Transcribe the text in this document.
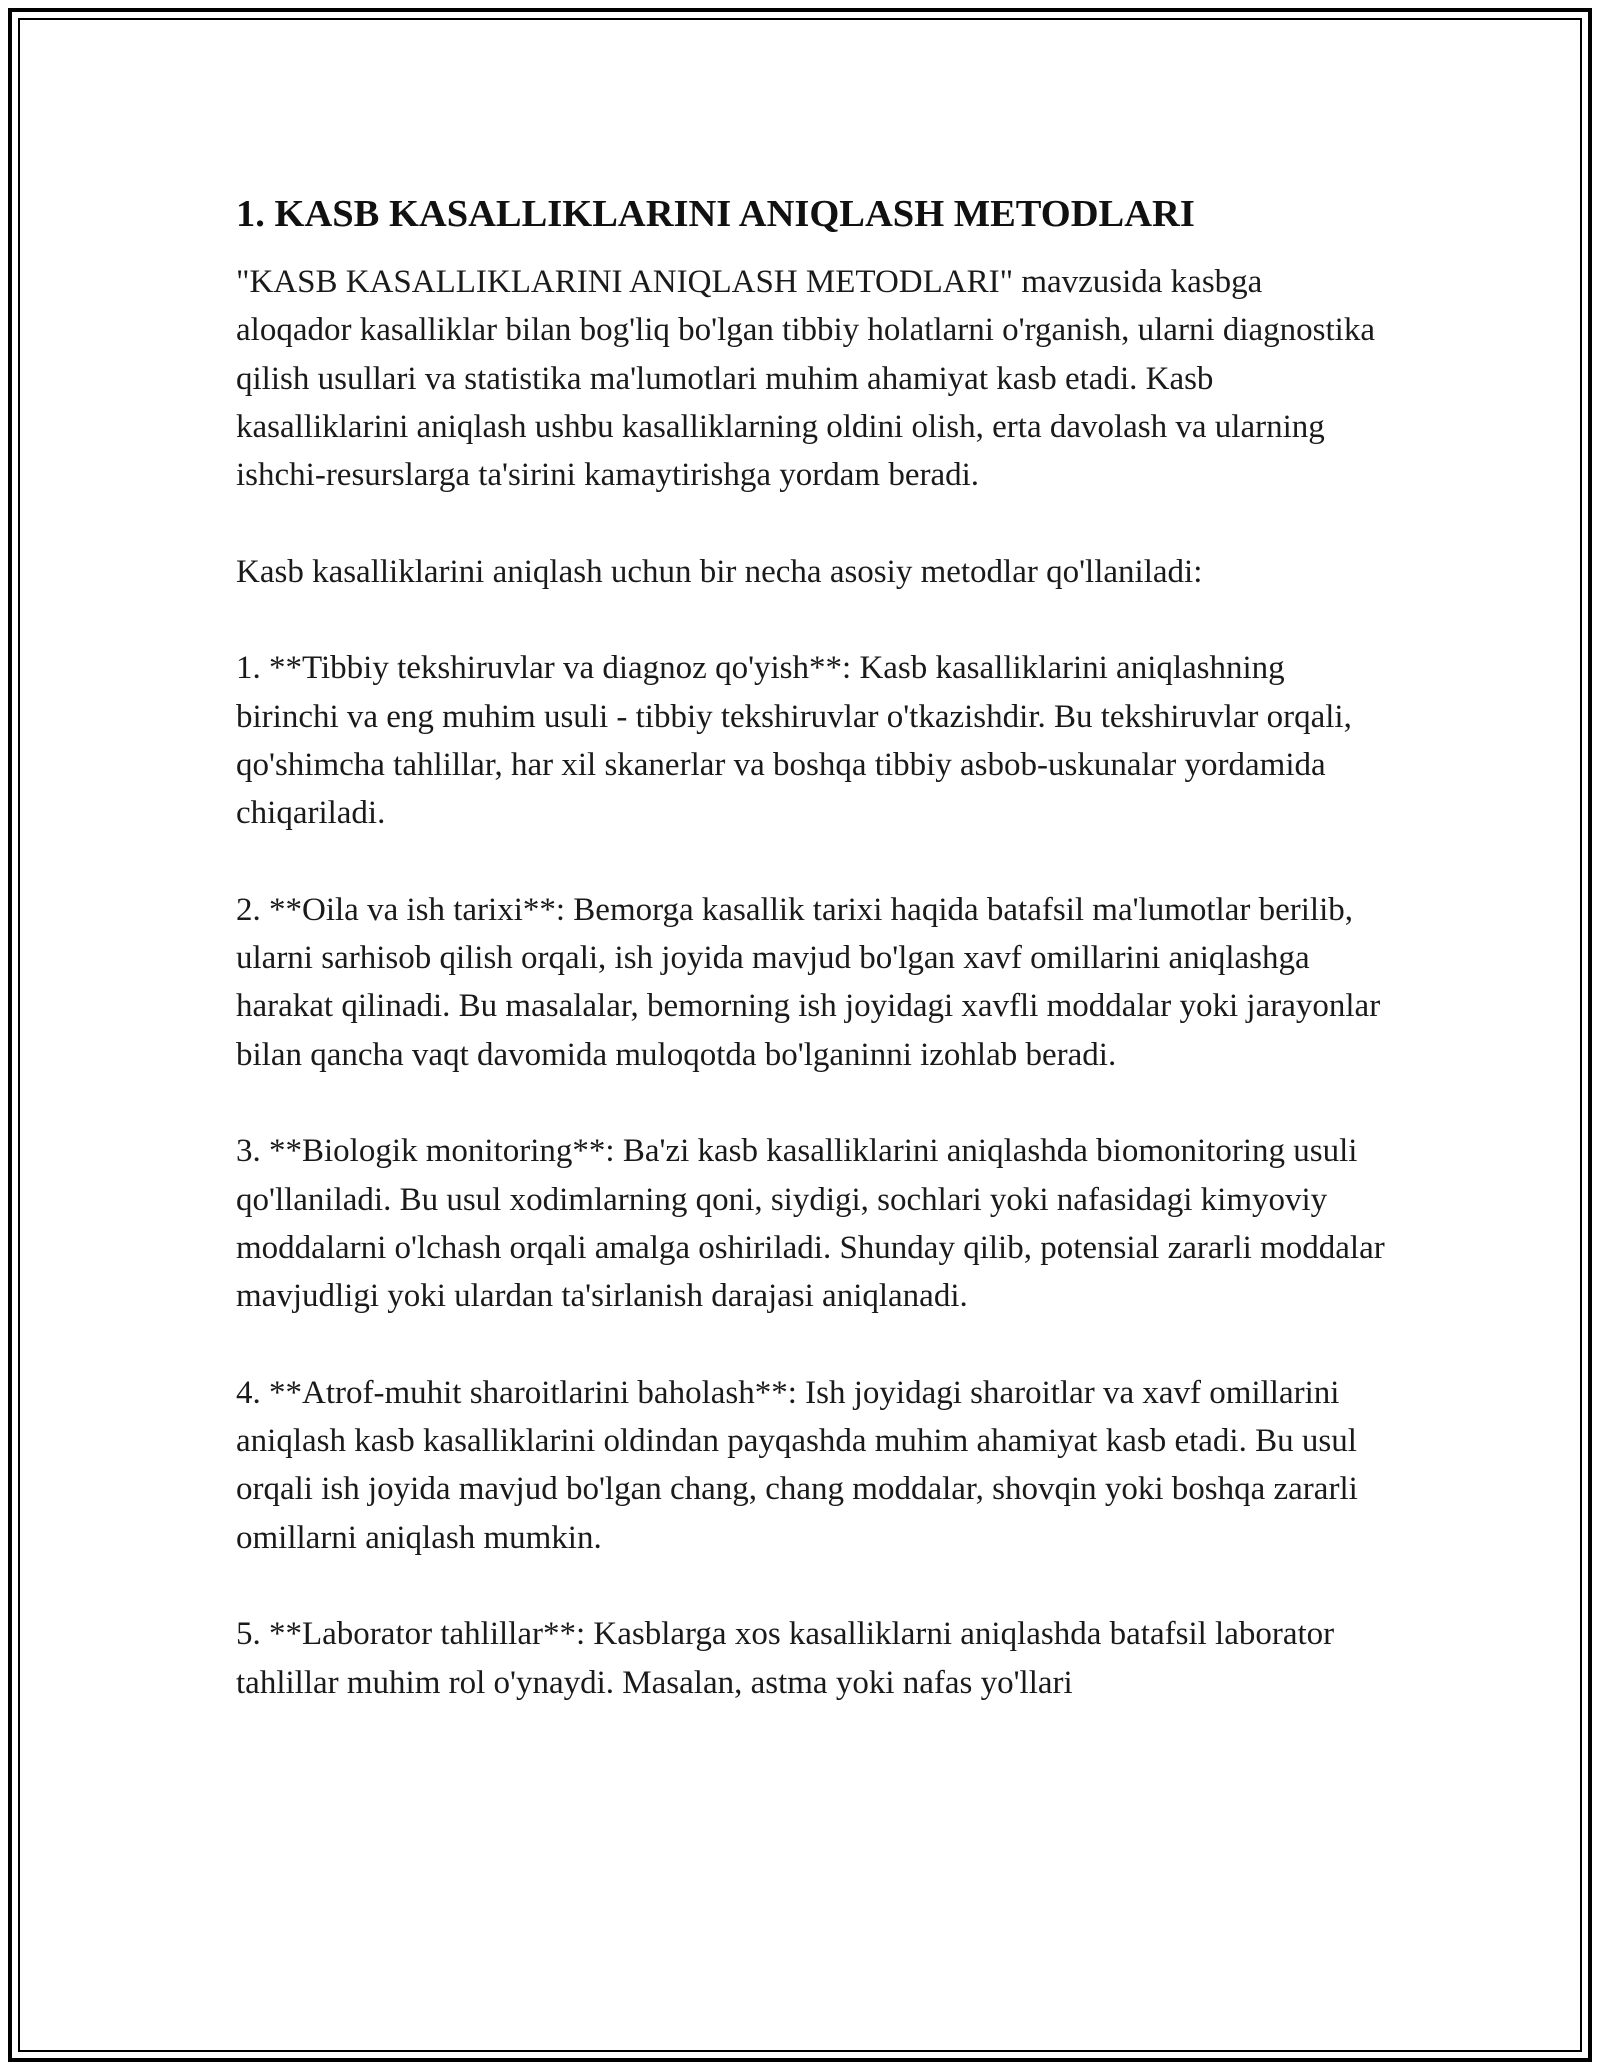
1. KASB KASALLIKLARINI ANIQLASH METODLARI

"KASB KASALLIKLARINI ANIQLASH METODLARI" mavzusida kasbga aloqador kasalliklar bilan bog'liq bo'lgan tibbiy holatlarni o'rganish, ularni diagnostika qilish usullari va statistika ma'lumotlari muhim ahamiyat kasb etadi. Kasb kasalliklarini aniqlash ushbu kasalliklarning oldini olish, erta davolash va ularning ishchi-resurslarga ta'sirini kamaytirishga yordam beradi.

Kasb kasalliklarini aniqlash uchun bir necha asosiy metodlar qo'llaniladi:

1. **Tibbiy tekshiruvlar va diagnoz qo'yish**: Kasb kasalliklarini aniqlashning birinchi va eng muhim usuli - tibbiy tekshiruvlar o'tkazishdir. Bu tekshiruvlar orqali, qo'shimcha tahlillar, har xil skanerlar va boshqa tibbiy asbob-uskunalar yordamida chiqariladi.

2. **Oila va ish tarixi**: Bemorga kasallik tarixi haqida batafsil ma'lumotlar berilib, ularni sarhisob qilish orqali, ish joyida mavjud bo'lgan xavf omillarini aniqlashga harakat qilinadi. Bu masalalar, bemorning ish joyidagi xavfli moddalar yoki jarayonlar bilan qancha vaqt davomida muloqotda bo'lganinni izohlab beradi.

3. **Biologik monitoring**: Ba'zi kasb kasalliklarini aniqlashda biomonitoring usuli qo'llaniladi. Bu usul xodimlarning qoni, siydigi, sochlari yoki nafasidagi kimyoviy moddalarni o'lchash orqali amalga oshiriladi. Shunday qilib, potensial zararli moddalar mavjudligi yoki ulardan ta'sirlanish darajasi aniqlanadi.

4. **Atrof-muhit sharoitlarini baholash**: Ish joyidagi sharoitlar va xavf omillarini aniqlash kasb kasalliklarini oldindan payqashda muhim ahamiyat kasb etadi. Bu usul orqali ish joyida mavjud bo'lgan chang, chang moddalar, shovqin yoki boshqa zararli omillarni aniqlash mumkin.

5. **Laborator tahlillar**: Kasblarga xos kasalliklarni aniqlashda batafsil laborator tahlillar muhim rol o'ynaydi. Masalan, astma yoki nafas yo'llari
